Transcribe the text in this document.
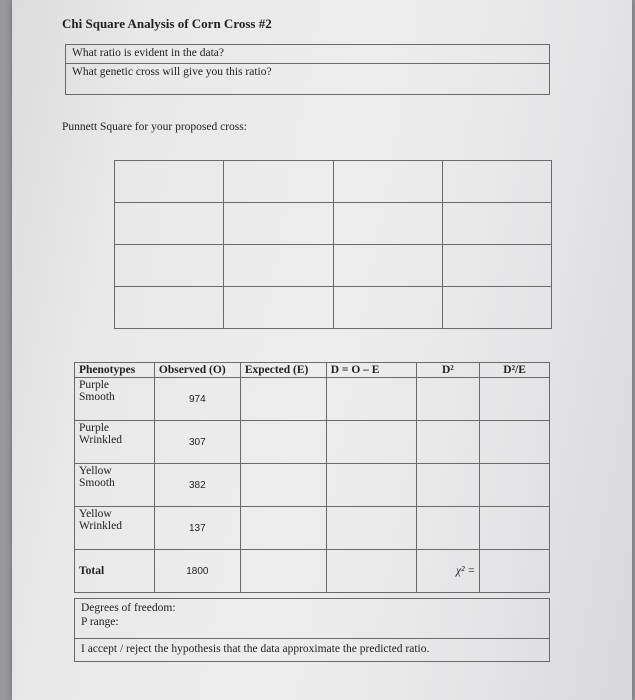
Chi Square Analysis of Corn Cross #2
What ratio is evident in the data?
What genetic cross will give you this ratio?
Punnett Square for your proposed cross:

Phenotypes	Observed (O)	Expected (E)	D = O – E	D²	D²/E

Purple
Smooth	974				

Purple
Wrinkled	307				

Yellow
Smooth	382				

Yellow
Wrinkled	137				
Total	1800			χ² =	
Degrees of freedom:
P range:
I accept / reject the hypothesis that the data approximate the predicted ratio.
